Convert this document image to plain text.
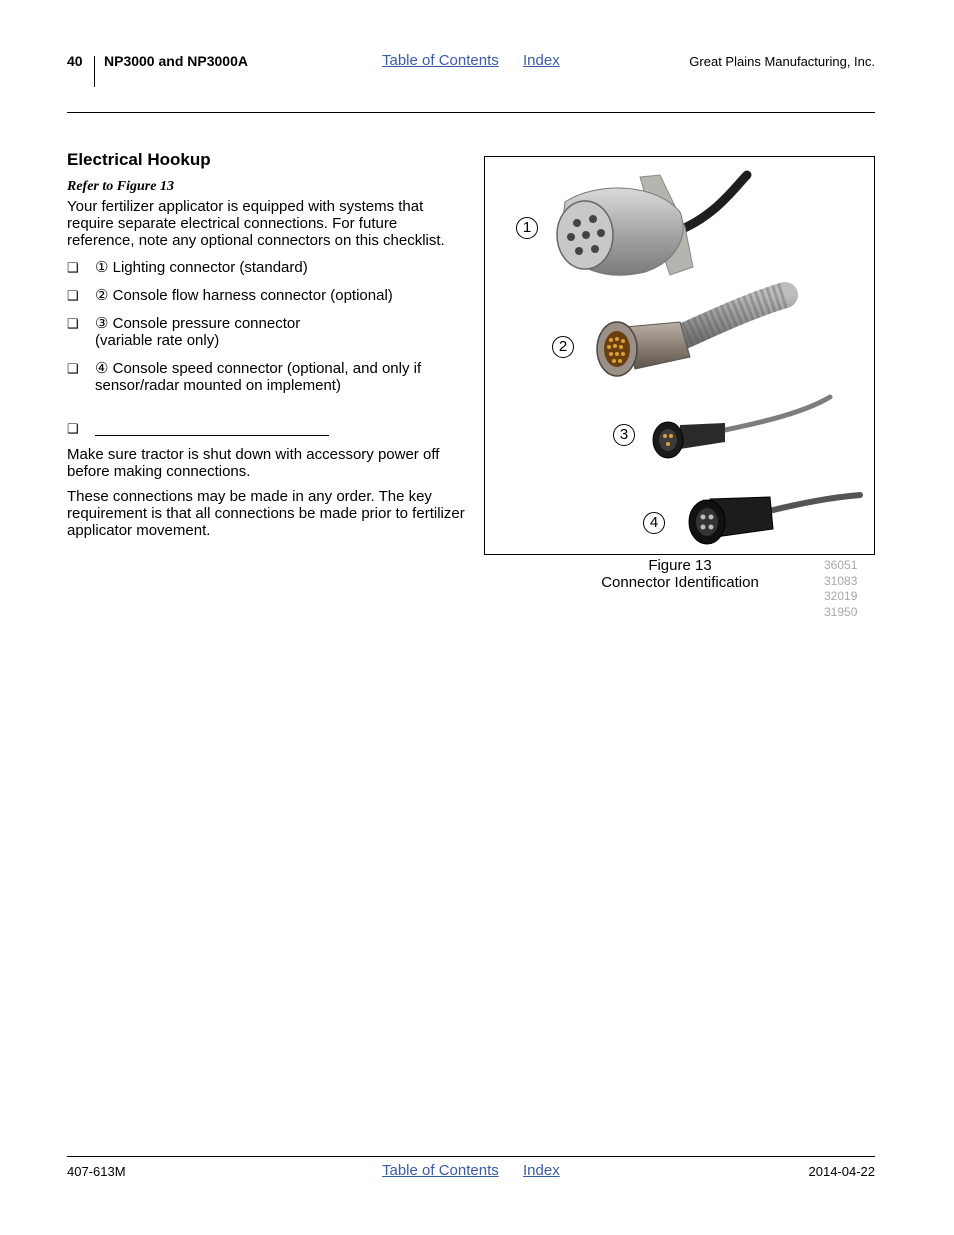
40 NP3000 and NP3000A	Table of Contents Index	Great Plains Manufacturing, Inc.
Electrical Hookup
Refer to Figure 13
Your fertilizer applicator is equipped with systems that require separate electrical connections. For future reference, note any optional connectors on this checklist.
❑ ① Lighting connector (standard)
❑ ② Console flow harness connector (optional)
❑ ③ Console pressure connector (variable rate only)
❑ ④ Console speed connector (optional, and only if sensor/radar mounted on implement)
❑
Make sure tractor is shut down with accessory power off before making connections.
These connections may be made in any order. The key requirement is that all connections be made prior to fertilizer applicator movement.
1
2
3
4
Figure 13
Connector Identification
36051
31083
32019
31950
407-613M	Table of Contents Index	2014-04-22
